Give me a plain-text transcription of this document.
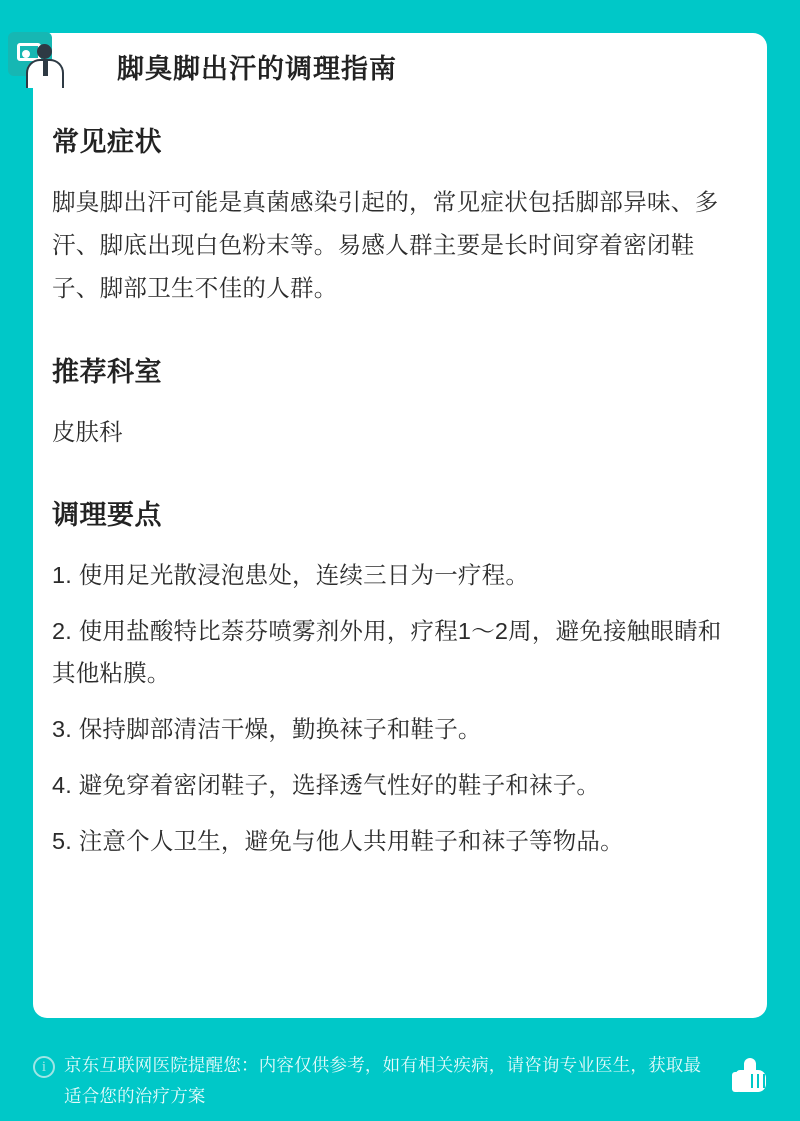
脚臭脚出汗的调理指南
常见症状

脚臭脚出汗可能是真菌感染引起的，常见症状包括脚部异味、多汗、脚底出现白色粉末等。易感人群主要是长时间穿着密闭鞋子、脚部卫生不佳的人群。

推荐科室

皮肤科

调理要点
1. 使用足光散浸泡患处，连续三日为一疗程。
2. 使用盐酸特比萘芬喷雾剂外用，疗程1～2周，避免接触眼睛和其他粘膜。
3. 保持脚部清洁干燥，勤换袜子和鞋子。
4. 避免穿着密闭鞋子，选择透气性好的鞋子和袜子。
5. 注意个人卫生，避免与他人共用鞋子和袜子等物品。
i	京东互联网医院提醒您：内容仅供参考，如有相关疾病，请咨询专业医生，获取最适合您的治疗方案
